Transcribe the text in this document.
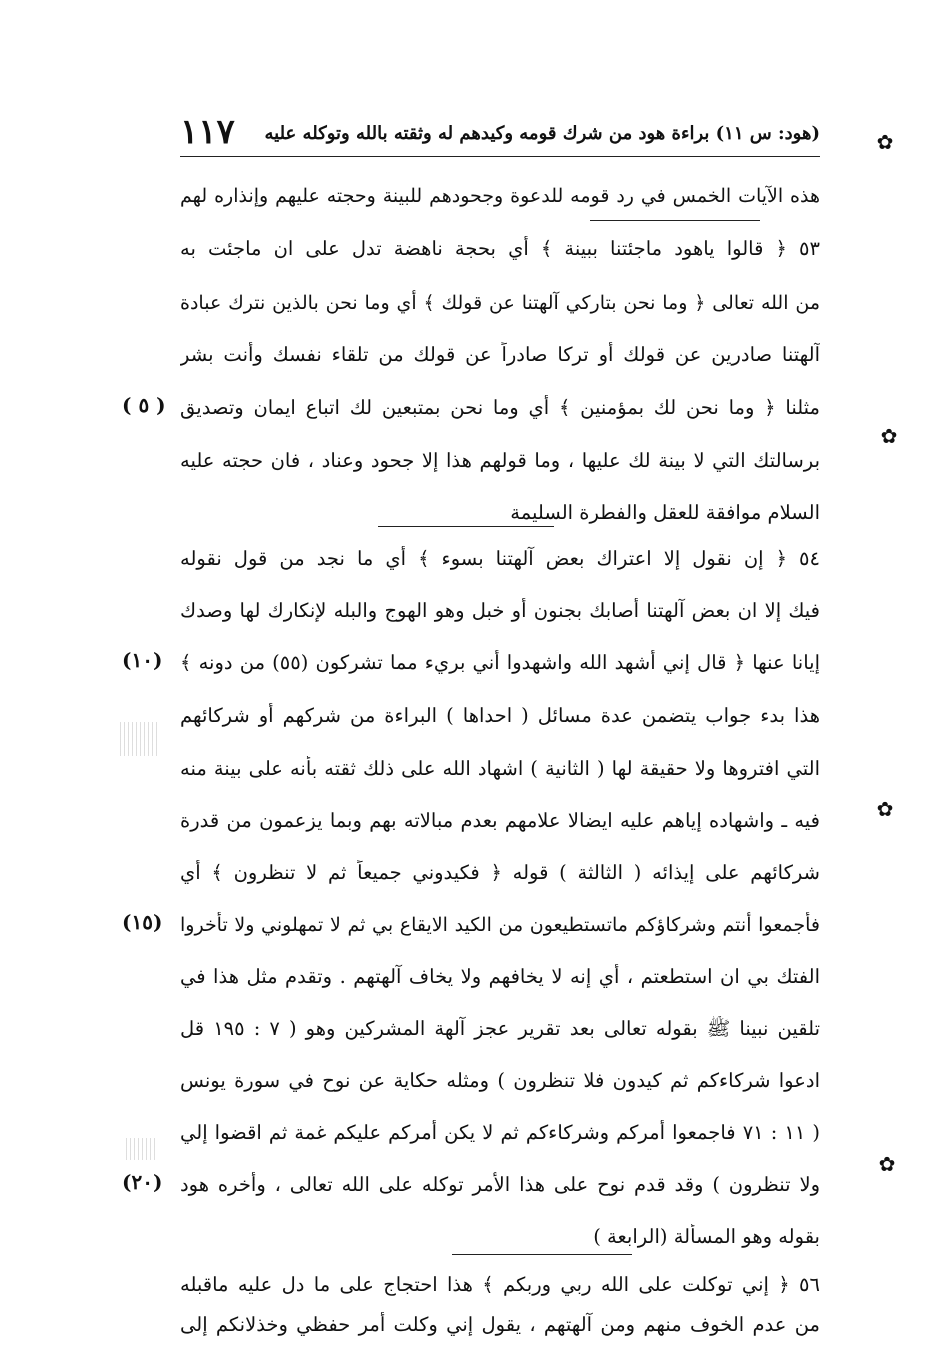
(هود: س ١١) براءة هود من شرك قومه وكيدهم له وثقته بالله وتوكله عليه
١١٧	✿
✿
✿
✿
هذه الآيات الخمس في رد قومه للدعوة وجحودهم للبينة وحجته عليهم وإنذاره لهم
٥٣ ﴿ قالوا ياهود ماجئتنا ببينة ﴾ أي بحجة ناهضة تدل على ان ماجئت به
من الله تعالى ﴿ وما نحن بتاركي آلهتنا عن قولك ﴾ أي وما نحن بالذين نترك عبادة
آلهتنا صادرين عن قولك أو تركا صادراً عن قولك من تلقاء نفسك وأنت بشر
مثلنا ﴿ وما نحن لك بمؤمنين ﴾ أي وما نحن بمتبعين لك اتباع ايمان وتصديق
برسالتك التي لا بينة لك عليها ، وما قولهم هذا إلا جحود وعناد ، فان حجته عليه
السلام موافقة للعقل والفطرة السليمة
٥٤ ﴿ إن نقول إلا اعتراك بعض آلهتنا بسوء ﴾ أي ما نجد من قول نقوله
فيك إلا ان بعض آلهتنا أصابك بجنون أو خبل وهو الهوج والبله لإنكارك لها وصدك
إيانا عنها ﴿ قال إني أشهد الله واشهدوا أني بريء مما تشركون (٥٥) من دونه ﴾
هذا بدء جواب يتضمن عدة مسائل ( احداها ) البراءة من شركهم أو شركائهم
التي افتروها ولا حقيقة لها ( الثانية ) اشهاد الله على ذلك ثقته بأنه على بينة منه
فيه ـ واشهاده إياهم عليه ايضالا علامهم بعدم مبالاته بهم وبما يزعمون من قدرة
شركائهم على إيذائه ( الثالثة ) قوله ﴿ فكيدوني جميعاً ثم لا تنظرون ﴾ أي
فأجمعوا أنتم وشركاؤكم ماتستطيعون من الكيد الايقاع بي ثم لا تمهلوني ولا تأخروا
الفتك بي ان استطعتم ، أي إنه لا يخافهم ولا يخاف آلهتهم . وتقدم مثل هذا في
تلقين نبينا ﷺ بقوله تعالى بعد تقرير عجز آلهة المشركين وهو ( ٧ : ١٩٥ قل
ادعوا شركاءكم ثم كيدون فلا تنظرون ) ومثله حكاية عن نوح في سورة يونس
( ١١ : ٧١ فاجمعوا أمركم وشركاءكم ثم لا يكن أمركم عليكم غمة ثم اقضوا إلي
ولا تنظرون ) وقد قدم نوح على هذا الأمر توكله على الله تعالى ، وأخره هود
بقوله وهو المسألة (الرابعة )
٥٦ ﴿ إني توكلت على الله ربي وربكم ﴾ هذا احتجاج على ما دل عليه ماقبله
من عدم الخوف منهم ومن آلهتهم ، يقول إني وكلت أمر حفظي وخذلانكم إلى
( ٥ )
(١٠)
(١٥)
(٢٠)
